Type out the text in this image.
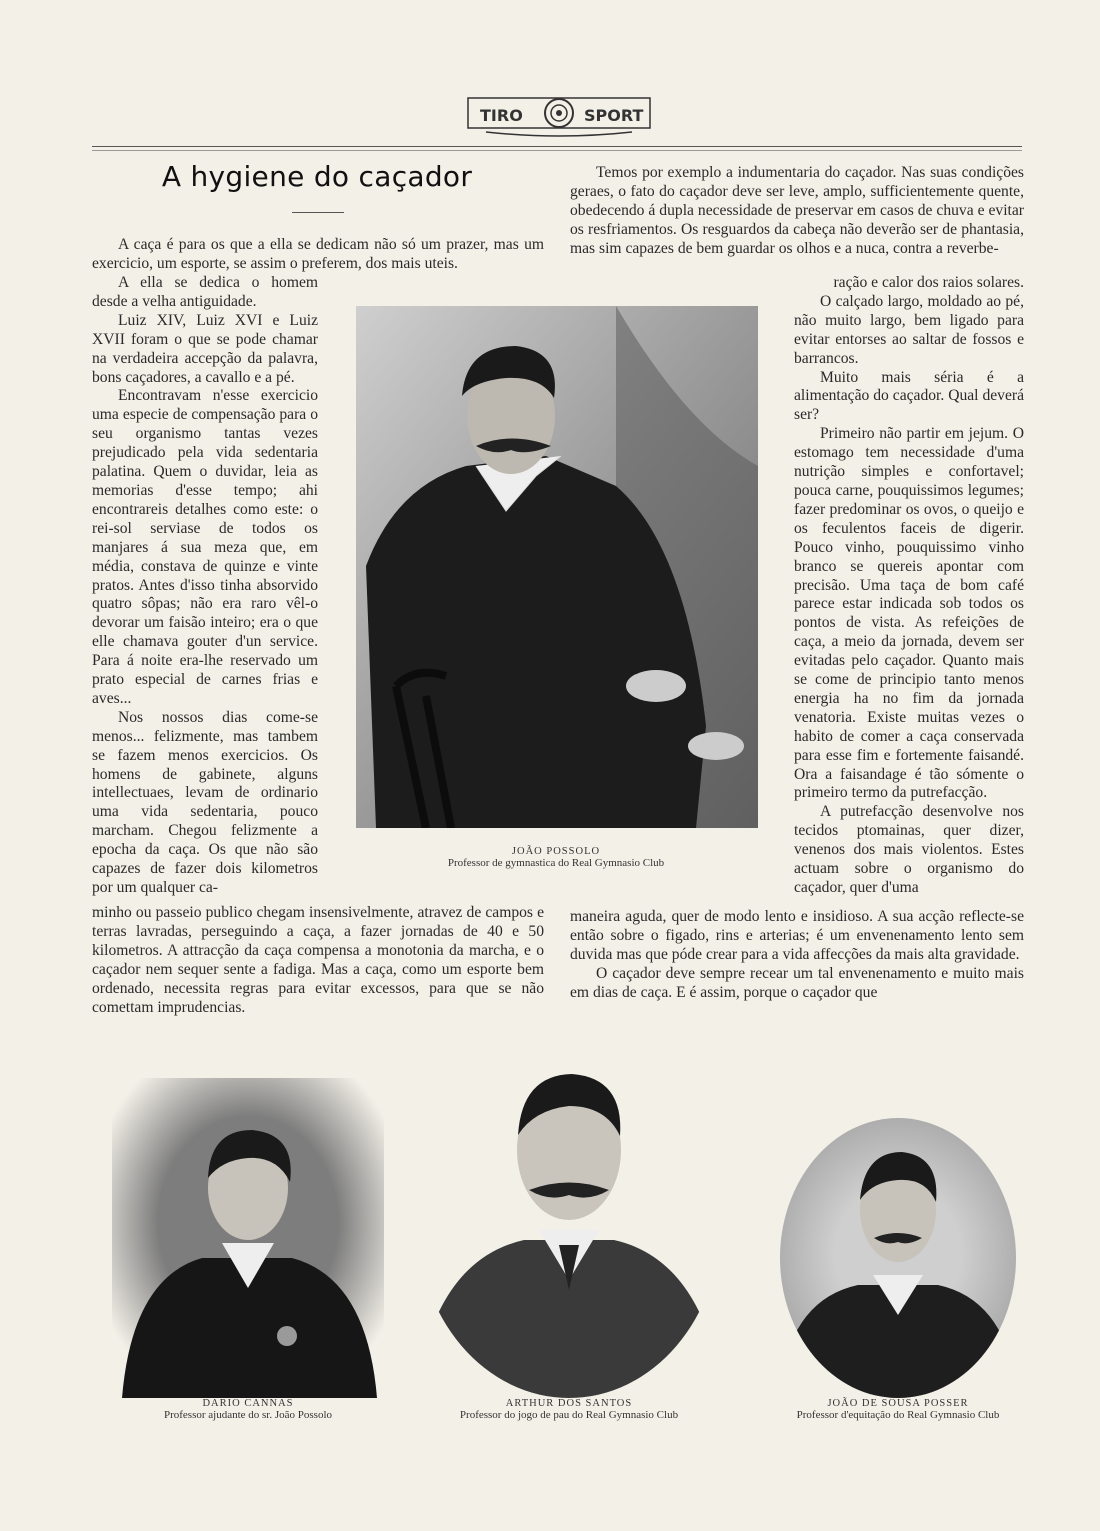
TIRO	SPORT
A hygiene do caçador

A caça é para os que a ella se dedicam não só um prazer, mas um exercicio, um esporte, se assim o preferem, dos mais uteis.

A ella se dedica o homem desde a velha antiguidade.

Luiz XIV, Luiz XVI e Luiz XVII foram o que se pode chamar na verdadeira accepção da palavra, bons caçadores, a cavallo e a pé.

Encontravam n'esse exercicio uma especie de compensação para o seu organismo tantas vezes prejudicado pela vida sedentaria palatina. Quem o duvidar, leia as memorias d'esse tempo; ahi encontrareis detalhes como este: o rei-sol serviase de todos os manjares á sua meza que, em média, constava de quinze e vinte pratos. Antes d'isso tinha absorvido quatro sôpas; não era raro vêl-o devorar um faisão inteiro; era o que elle chamava gouter d'un service. Para á noite era-lhe reservado um prato especial de carnes frias e aves...

Nos nossos dias come-se menos... felizmente, mas tambem se fazem menos exercicios. Os homens de gabinete, alguns intellectuaes, levam de ordinario uma vida sedentaria, pouco marcham. Chegou felizmente a epocha da caça. Os que não são capazes de fazer dois kilometros por um qualquer ca-

minho ou passeio publico chegam insensivelmente, atravez de campos e terras lavradas, perseguindo a caça, a fazer jornadas de 40 e 50 kilometros. A attracção da caça compensa a monotonia da marcha, e o caçador nem sequer sente a fadiga. Mas a caça, como um esporte bem ordenado, necessita regras para evitar excessos, para que se não comettam imprudencias.

Temos por exemplo a indumentaria do caçador. Nas suas condições geraes, o fato do caçador deve ser leve, amplo, sufficientemente quente, obedecendo á dupla necessidade de preservar em casos de chuva e evitar os resfriamentos. Os resguardos da cabeça não deverão ser de phantasia, mas sim capazes de bem guardar os olhos e a nuca, contra a reverbe-

ração e calor dos raios solares.

O calçado largo, moldado ao pé, não muito largo, bem ligado para evitar entorses ao saltar de fossos e barrancos.

Muito mais séria é a alimentação do caçador. Qual deverá ser?

Primeiro não partir em jejum. O estomago tem necessidade d'uma nutrição simples e confortavel; pouca carne, pouquissimos legumes; fazer predominar os ovos, o queijo e os feculentos faceis de digerir. Pouco vinho, pouquissimo vinho branco se quereis apontar com precisão. Uma taça de bom café parece estar indicada sob todos os pontos de vista. As refeições de caça, a meio da jornada, devem ser evitadas pelo caçador. Quanto mais se come de principio tanto menos energia ha no fim da jornada venatoria. Existe muitas vezes o habito de comer a caça conservada para esse fim e fortemente faisandé. Ora a faisandage é tão sómente o primeiro termo da putrefacção.

A putrefacção desenvolve nos tecidos ptomainas, quer dizer, venenos dos mais violentos. Estes actuam sobre o organismo do caçador, quer d'uma

maneira aguda, quer de modo lento e insidioso. A sua acção reflecte-se então sobre o figado, rins e arterias; é um envenenamento lento sem duvida mas que póde crear para a vida affecções da mais alta gravidade.

O caçador deve sempre recear um tal envenenamento e muito mais em dias de caça. E é assim, porque o caçador que

JOÃO POSSOLO
Professor de gymnastica do Real Gymnasio Club
DARIO CANNAS
Professor ajudante do sr. João Possolo
ARTHUR DOS SANTOS
Professor do jogo de pau do Real Gymnasio Club
JOÃO DE SOUSA POSSER
Professor d'equitação do Real Gymnasio Club
